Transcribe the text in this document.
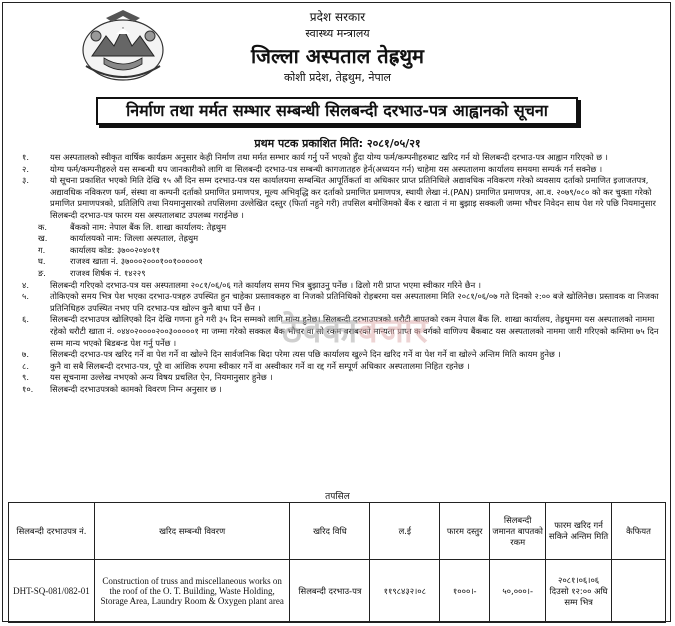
प्रदेश सरकार
स्वास्थ्य मन्त्रालय
जिल्ला अस्पताल तेह्रथुम
कोशी प्रदेश, तेह्रथुम, नेपाल
निर्माण तथा मर्मत सम्भार सम्बन्धी सिलबन्दी दरभाउ-पत्र आह्वानको सूचना
प्रथम पटक प्रकाशित मिति: २०८१/०५/२१
१.	यस अस्पतालको स्वीकृत वार्षिक कार्यक्रम अनुसार केही निर्माण तथा मर्मत सम्भार कार्य गर्नु पर्ने भएको हुँदा योग्य फर्म/कम्पनीहरुबाट खरिद गर्न यो सिलबन्दी दरभाउ-पत्र आह्वान गरिएको छ ।
२.	योग्य फर्म/कम्पनीहरुले यस सम्बन्धी थप जानकारीको लागि वा सिलबन्दी दरभाउ-पत्र सम्बन्धी कागजातहरु हेर्न(अध्ययन गर्न) चाहेमा यस अस्पतालमा कार्यालय समयमा सम्पर्क गर्न सक्नेछ ।
३.	यो सूचना प्रकाशित भएको मिति देखि १५ औं दिन सम्म दरभाउ-पत्र यस कार्यालयमा सम्बन्धित आपूर्तिकर्ता वा अधिकार प्राप्त प्रतिनिधिले अद्यावधिक नविकरण गरेको व्यवसाय दर्ताको प्रमाणित इजाजतपत्र, अद्यावधिक नविकरण फर्म, संस्था वा कम्पनी दर्ताको प्रमाणित प्रमाणपत्र, मूल्य अभिवृद्धि कर दर्ताको प्रमाणित प्रमाणपत्र, स्थायी लेखा नं.(PAN) प्रमाणित प्रमाणपत्र, आ.व. २०७९/०८० को कर चुक्ता गरेको प्रमाणित प्रमाणपत्रको, प्रतिलिपि तथा नियमानुसारको तपसिलमा उल्लेखित दस्तुर (फिर्ता नहुने गरी) तपसिल बमोजिमको बैंक र खाता नं मा बुझाइ सक्कली जम्मा भौचर निवेदन साथ पेश गरे पछि नियमानुसार सिलबन्दी दरभाउ-पत्र फारम यस अस्पतालबाट उपलब्ध गराईनेछ ।
क.	बैंकको नाम: नेपाल बैंक लि. शाखा कार्यालय: तेह्रथुम
ख.	कार्यालयको नाम: जिल्ला अस्पताल, तेह्रथुम
ग.	कार्यालय कोड: ३७००२०४०११
घ.	राजश्व खाता नं. ३७०००२०००१००१०००००१
ङ.	राजश्व शिर्षक नं. १४२२९
४.	सिलबन्दी गरिएको दरभाउ-पत्र यस अस्पतालमा २०८१/०६/०६ गते कार्यालय समय भित्र बुझाउनु पर्नेछ । ढिलो गरी प्राप्त भएमा स्वीकार गरिने छैन ।
५.	तोकिएको समय भित्र पेश भएका दरभाउ-पत्रहरु उपस्थित हुन चाहेका प्रस्तावकहरु वा निजको प्रतिनिधिको रोहबरमा यस अस्पतालमा मिति २०८१/०६/०७ गते दिनको २:०० बजे खोलिनेछ। प्रस्तावक वा निजका प्रतिनिधिहरु उपस्थित नभए पनि दरभाउ-पत्र खोल्न कुनै बाधा पर्ने छैन ।
६.	सिलबन्दी दरभाउपत्र खोलिएको दिन देखि गणना हुने गरी ३५ दिन सम्मको लागि मान्य हुनेछ। सिलबन्दी दरभाउपत्रको धरौटी बापतको रकम नेपाल बैंक लि. शाखा कार्यालय, तेह्रथुममा यस अस्पतालको नाममा रहेको धरौटी खाता नं. ०४४०२००००२००३०००००१ मा जम्मा गरेको सक्कल बैंक भौचर वा सो रकम बराबरको मान्यता प्राप्त क वर्गको वाणिज्य बैंकबाट यस अस्पतालको नाममा जारी गरिएको कम्तिमा ७५ दिन सम्म मान्य भएको बिडबन्ड पेश गर्नु पर्नेछ ।
७.	सिलबन्दी दरभाउ-पत्र खरिद गर्ने वा पेश गर्ने वा खोल्ने दिन सार्वजनिक बिदा परेमा त्यस पछि कार्यालय खुल्ने दिन खरिद गर्ने वा पेश गर्ने वा खोल्ने अन्तिम मिति कायम हुनेछ ।
८.	कुनै वा सबै सिलबन्दी दरभाउ-पत्र, पूरै वा आंशिक रुपमा स्वीकार गर्ने वा अस्वीकार गर्ने वा रद्द गर्ने सम्पूर्ण अधिकार अस्पतालमा निहित रहनेछ ।
९.	यस सूचनामा उल्लेख नभएको अन्य विषय प्रचलित ऐन, नियमानुसार हुनेछ ।
१०. सिलबन्दी दरभाउपत्रको कामको विवरण निम्न अनुसार छ ।
ठेक्काबजार
तपसिल
सिलबन्दी दरभाउपत्र नं.	खरिद सम्बन्धी विवरण	खरिद विधि	ल.ई	फारम दस्तुर	सिलबन्दी जमानत बापतको रकम	फारम खरिद गर्न सकिने अन्तिम मिति	कैफियत
DHT-SQ-081/082-01	Construction of truss and miscellaneous works on the roof of the O. T. Building, Waste Holding, Storage Area, Laundry Room & Oxygen plant area	सिलबन्दी दरभाउ-पत्र	११९८४३२।०८	१०००।-	५०,०००।-	२०८१।०६।०६ दिउसो १२:०० अघि सम्म भित्र	
